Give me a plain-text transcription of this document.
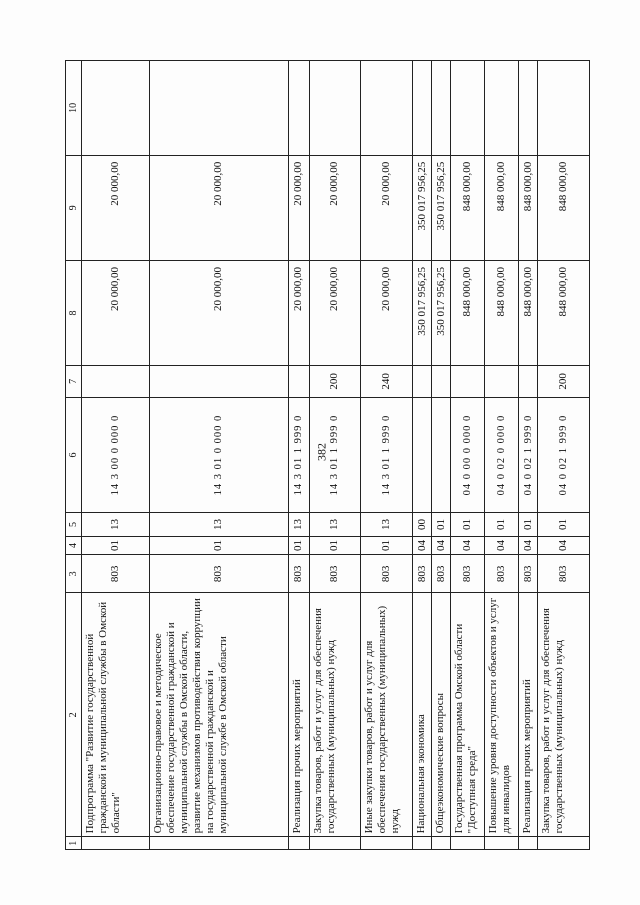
382
1	2	3	4	5	6	7	8	9	10
	Подпрограмма "Развитие государственной гражданской и муниципальной службы в Омской области"	803	01	13	14 3 00 0 000 0		20 000,00	20 000,00	
	Организационно-правовое и методическое обеспечение государственной гражданской и муниципальной службы в Омской области, развитие механизмов противодействия коррупции на государственной гражданской и муниципальной службе в Омской области	803	01	13	14 3 01 0 000 0		20 000,00	20 000,00	
	Реализация прочих мероприятий	803	01	13	14 3 01 1 999 0		20 000,00	20 000,00	
	Закупка товаров, работ и услуг для обеспечения государственных (муниципальных) нужд	803	01	13	14 3 01 1 999 0	200	20 000,00	20 000,00	
	Иные закупки товаров, работ и услуг для обеспечения государственных (муниципальных) нужд	803	01	13	14 3 01 1 999 0	240	20 000,00	20 000,00	
	Национальная экономика	803	04	00			350 017 956,25	350 017 956,25	
	Общеэкономические вопросы	803	04	01			350 017 956,25	350 017 956,25	
	Государственная программа Омской области "Доступная среда"	803	04	01	04 0 00 0 000 0		848 000,00	848 000,00	
	Повышение уровня доступности объектов и услуг для инвалидов	803	04	01	04 0 02 0 000 0		848 000,00	848 000,00	
	Реализация прочих мероприятий	803	04	01	04 0 02 1 999 0		848 000,00	848 000,00	
	Закупка товаров, работ и услуг для обеспечения государственных (муниципальных) нужд	803	04	01	04 0 02 1 999 0	200	848 000,00	848 000,00	
